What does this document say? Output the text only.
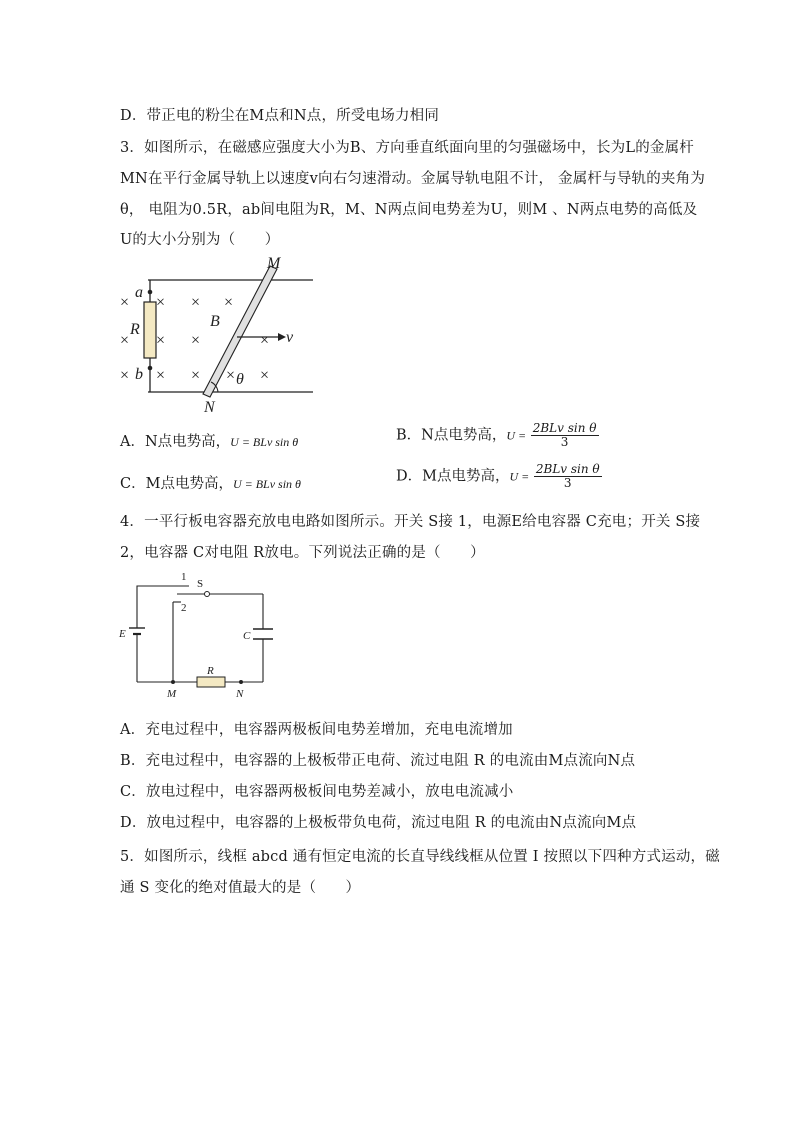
D．带正电的粉尘在M点和N点，所受电场力相同
3．如图所示，在磁感应强度大小为B、方向垂直纸面向里的匀强磁场中，长为L的金属杆
MN在平行金属导轨上以速度v向右匀速滑动。金属导轨电阻不计， 金属杆与导轨的夹角为
θ， 电阻为0.5R，ab间电阻为R，M、N两点间电势差为U，则M 、N两点电势的高低及
U的大小分别为（　　）
× × × ×
× × ×	×
× × × × ×
M
N
a
b
R	B
v
θ
A．N点电势高，U = BLv sin θ	B．N点电势高，$U = \frac{\text{2BLv sin θ}}{3}$
C．M点电势高，U = BLv sin θ	D．M点电势高，$U = \frac{\text{2BLv sin θ}}{3}$
4．一平行板电容器充放电电路如图所示。开关 S接 1，电源E给电容器 C充电；开关 S接
2，电容器 C对电阻 R放电。下列说法正确的是（　　）
1
2
S
E	C
R
M	N
A．充电过程中，电容器两极板间电势差增加，充电电流增加
B．充电过程中，电容器的上极板带正电荷、流过电阻 R 的电流由M点流向N点
C．放电过程中，电容器两极板间电势差减小，放电电流减小
D．放电过程中，电容器的上极板带负电荷，流过电阻 R 的电流由N点流向M点
5．如图所示，线框 abcd 通有恒定电流的长直导线线框从位置 I 按照以下四种方式运动，磁
通 S 变化的绝对值最大的是（　　）
